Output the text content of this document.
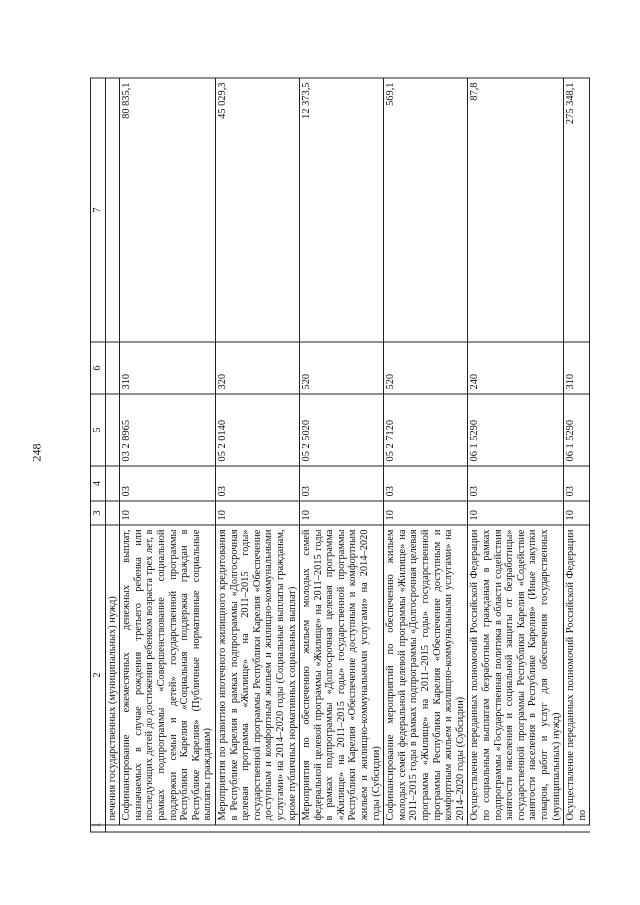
248
1	2	3	4	5	6	7
	печения государственных (муниципальных) нужд)					
	Софинансирование ежемесячных денежных выплат, назначаемых в случае рождения третьего ребенка или последующих детей до достижения ребенком возраста трех лет, в рамках подпрограммы «Совершенствование социальной поддержки семьи и детей» государственной программы Республики Карелия «Социальная поддержка граждан в Республике Карелия» (Публичные нормативные социальные выплаты гражданам)	10	03	03 2 8965	310	80 835,1
	Мероприятия по развитию ипотечного жилищного кредитования в Республике Карелия в рамках подпрограммы «Долгосрочная целевая программа «Жилище» на 2011–2015 годы» государственной программы Республики Карелия «Обеспечение доступным и комфортным жильем и жилищно-коммунальными услугами» на 2014–2020 годы (Социальные выплаты гражданам, кроме публичных нормативных социальных выплат)	10	03	05 2 0140	320	45 029,3
	Мероприятия по обеспечению жильем молодых семей федеральной целевой программы «Жилище» на 2011–2015 годы в рамках подпрограммы «Долгосрочная целевая программа «Жилище» на 2011–2015 годы» государственной программы Республики Карелия «Обеспечение доступным и комфортным жильем и жилищно-коммунальными услугами» на 2014–2020 годы (Субсидии)	10	03	05 2 5020	520	12 373,5
	Софинансирование мероприятий по обеспечению жильем молодых семей федеральной целевой программы «Жилище» на 2011–2015 годы в рамках подпрограммы «Долгосрочная целевая программа «Жилище» на 2011–2015 годы» государственной программы Республики Карелия «Обеспечение доступным и комфортным жильем и жилищно-коммунальными услугами» на 2014–2020 годы (Субсидии)	10	03	05 2 7120	520	569,1
	Осуществление переданных полномочий Российской Федерации по социальным выплатам безработным гражданам в рамках подпрограммы «Государственная политика в области содействия занятости населения и социальной защиты от безработицы» государственной программы Республики Карелия «Содействие занятости населения в Республике Карелия» (Иные закупки товаров, работ и услуг для обеспечения государственных (муниципальных) нужд)	10	03	06 1 5290	240	87,8
	Осуществление переданных полномочий Российской Федерации по	10	03	06 1 5290	310	275 348,1
